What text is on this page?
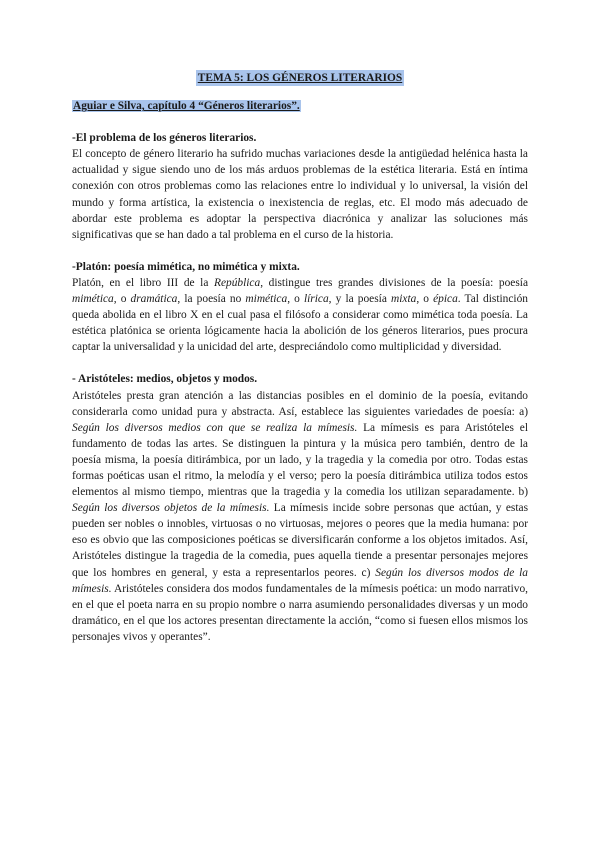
TEMA 5: LOS GÉNEROS LITERARIOS
Aguiar e Silva, capítulo 4 “Géneros literarios”.
-El problema de los géneros literarios.

El concepto de género literario ha sufrido muchas variaciones desde la antigüedad helénica hasta la actualidad y sigue siendo uno de los más arduos problemas de la estética literaria. Está en íntima conexión con otros problemas como las relaciones entre lo individual y lo universal, la visión del mundo y forma artística, la existencia o inexistencia de reglas, etc. El modo más adecuado de abordar este problema es adoptar la perspectiva diacrónica y analizar las soluciones más significativas que se han dado a tal problema en el curso de la historia.

-Platón: poesía mimética, no mimética y mixta.

Platón, en el libro III de la República, distingue tres grandes divisiones de la poesía: poesía mimética, o dramática, la poesía no mimética, o lírica, y la poesía mixta, o épica. Tal distinción queda abolida en el libro X en el cual pasa el filósofo a considerar como mimética toda poesía. La estética platónica se orienta lógicamente hacia la abolición de los géneros literarios, pues procura captar la universalidad y la unicidad del arte, despreciándolo como multiplicidad y diversidad.

- Aristóteles: medios, objetos y modos.

Aristóteles presta gran atención a las distancias posibles en el dominio de la poesía, evitando considerarla como unidad pura y abstracta. Así, establece las siguientes variedades de poesía: a) Según los diversos medios con que se realiza la mímesis. La mímesis es para Aristóteles el fundamento de todas las artes. Se distinguen la pintura y la música pero también, dentro de la poesía misma, la poesía ditirámbica, por un lado, y la tragedia y la comedia por otro. Todas estas formas poéticas usan el ritmo, la melodía y el verso; pero la poesía ditirámbica utiliza todos estos elementos al mismo tiempo, mientras que la tragedia y la comedia los utilizan separadamente. b) Según los diversos objetos de la mímesis. La mímesis incide sobre personas que actúan, y estas pueden ser nobles o innobles, virtuosas o no virtuosas, mejores o peores que la media humana: por eso es obvio que las composiciones poéticas se diversificarán conforme a los objetos imitados. Así, Aristóteles distingue la tragedia de la comedia, pues aquella tiende a presentar personajes mejores que los hombres en general, y esta a representarlos peores. c) Según los diversos modos de la mímesis. Aristóteles considera dos modos fundamentales de la mímesis poética: un modo narrativo, en el que el poeta narra en su propio nombre o narra asumiendo personalidades diversas y un modo dramático, en el que los actores presentan directamente la acción, “como si fuesen ellos mismos los personajes vivos y operantes”.
